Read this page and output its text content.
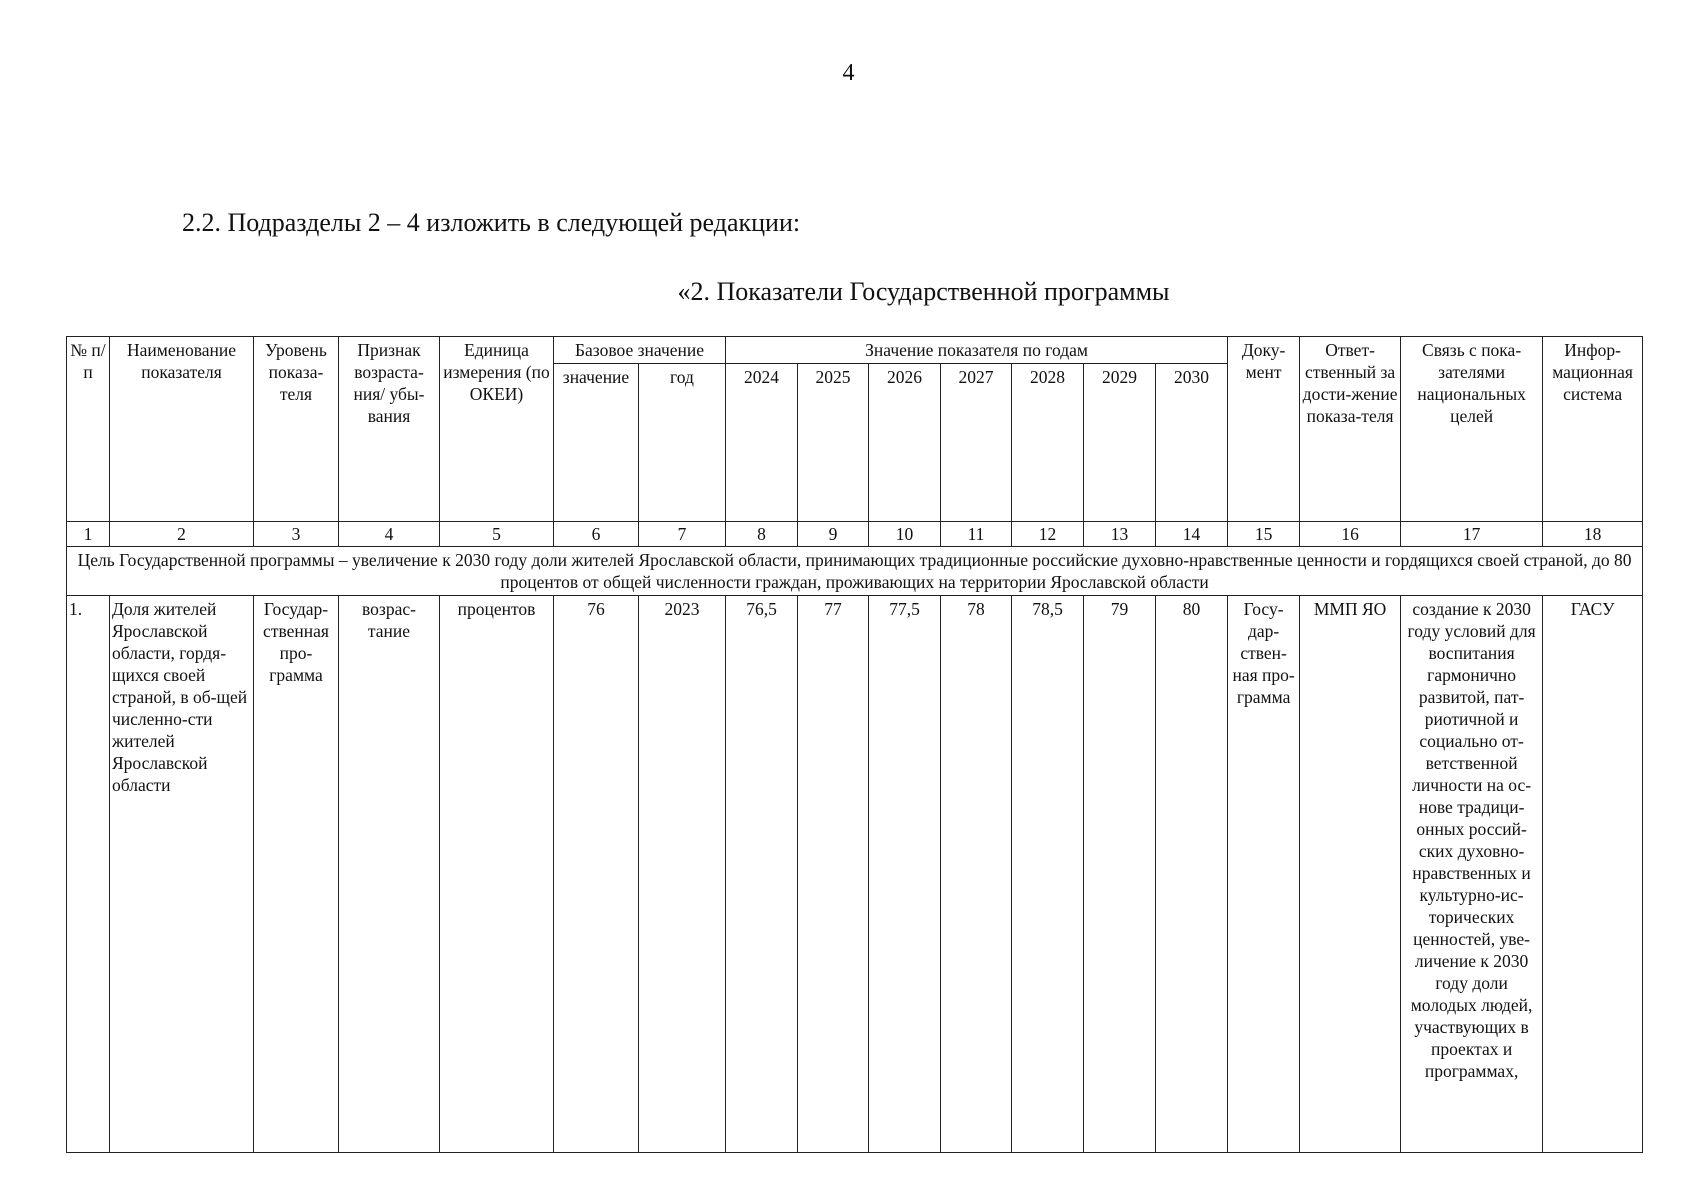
4
2.2. Подразделы 2 – 4 изложить в следующей редакции:
«2. Показатели Государственной программы
№ п/п	Наименование показателя	Уровень показа-теля	Признак возраста-ния/ убы-вания	Единица измерения (по ОКЕИ)	Базовое значение		Значение показателя по годам							Доку-мент	Ответ-ственный за дости-жение показа-теля	Связь с пока-зателями национальных целей	Инфор-мационная система
					значение	год	2024	2025	2026	2027	2028	2029	2030				
1	2	3	4	5	6	7	8	9	10	11	12	13	14	15	16	17	18
Цель Государственной программы – увеличение к 2030 году доли жителей Ярославской области, принимающих традиционные российские духовно-нравственные ценности и гордящихся своей страной, до 80 процентов от общей численности граждан, проживающих на территории Ярославской области																	
1.	Доля жителей Ярославской области, гордя-щихся своей страной, в об-щей численно-сти жителей Ярославской области	Государ-ственная про-грамма	возрас-тание	процентов	76	2023	76,5	77	77,5	78	78,5	79	80	Госу-дар-ствен-ная про-грамма	ММП ЯО	создание к 2030 году условий для воспитания гармонично развитой, пат-риотичной и социально от-ветственной личности на ос-нове традици-онных россий-ских духовно-нравственных и культурно-ис-торических ценностей, уве-личение к 2030 году доли молодых людей, участвующих в проектах и программах,	ГАСУ
